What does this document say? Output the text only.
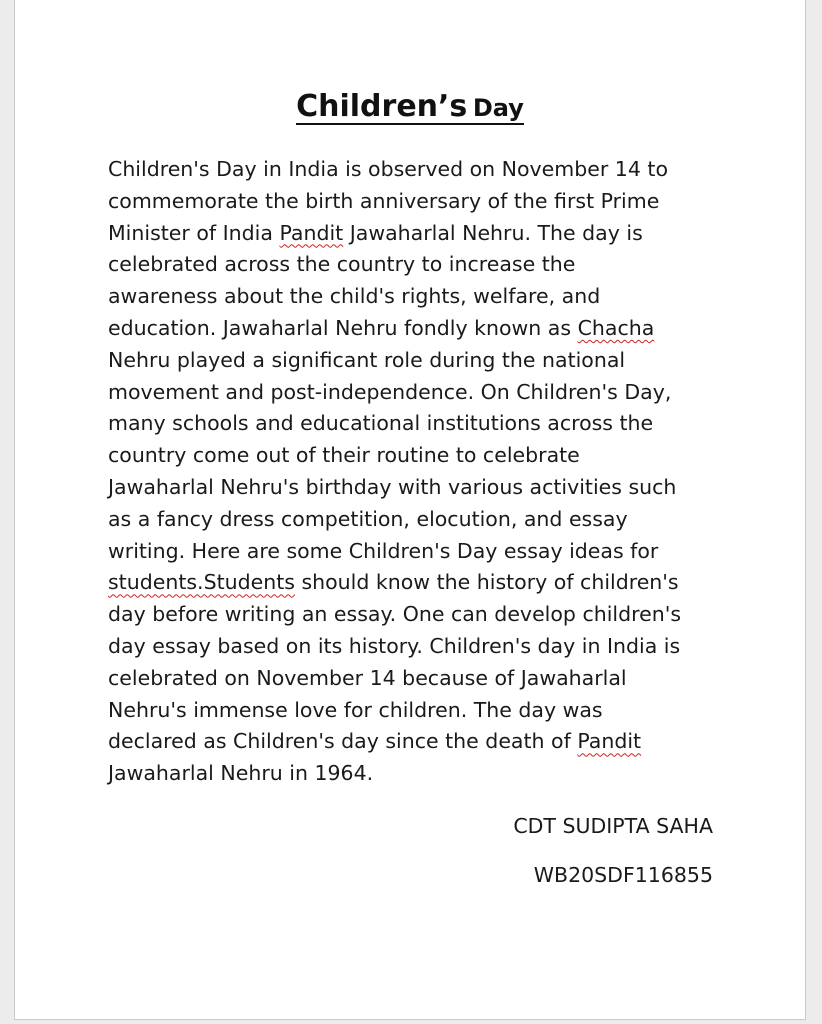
Children’s Day
Children's Day in India is observed on November 14 to
commemorate the birth anniversary of the first Prime
Minister of India Pandit Jawaharlal Nehru. The day is
celebrated across the country to increase the
awareness about the child's rights, welfare, and
education. Jawaharlal Nehru fondly known as Chacha
Nehru played a significant role during the national
movement and post-independence. On Children's Day,
many schools and educational institutions across the
country come out of their routine to celebrate
Jawaharlal Nehru's birthday with various activities such
as a fancy dress competition, elocution, and essay
writing. Here are some Children's Day essay ideas for
students.Students should know the history of children's
day before writing an essay. One can develop children's
day essay based on its history. Children's day in India is
celebrated on November 14 because of Jawaharlal
Nehru's immense love for children. The day was
declared as Children's day since the death of Pandit
Jawaharlal Nehru in 1964.
CDT SUDIPTA SAHA
WB20SDF116855
